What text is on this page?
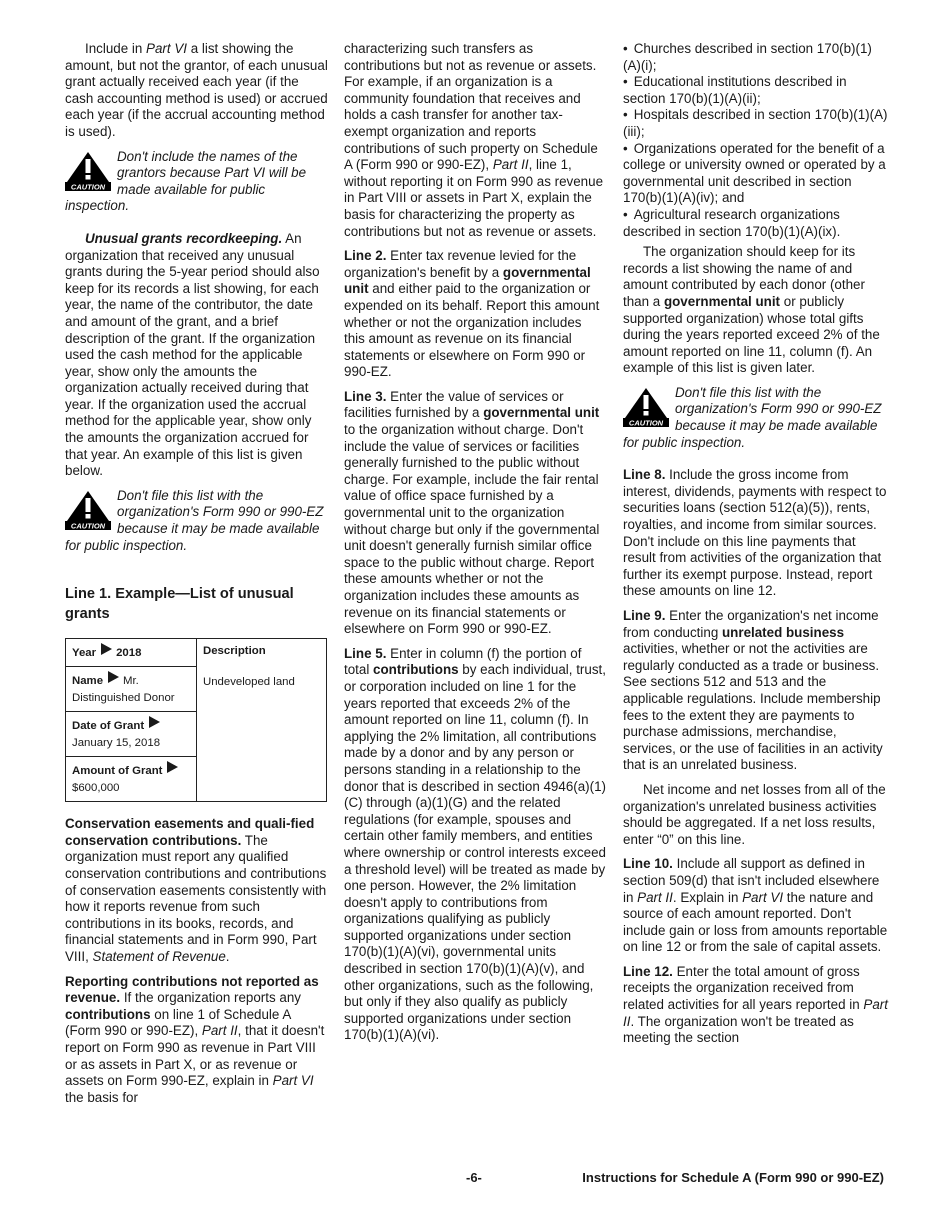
Include in Part VI a list showing the amount, but not the grantor, of each unusual grant actually received each year (if the cash accounting method is used) or accrued each year (if the accrual accounting method is used).

CAUTION
Don't include the names of the grantors because Part VI will be made available for public inspection.

Unusual grants recordkeeping. An organization that received any unusual grants during the 5-year period should also keep for its records a list showing, for each year, the name of the contributor, the date and amount of the grant, and a brief description of the grant. If the organization used the cash method for the applicable year, show only the amounts the organization actually received during that year. If the organization used the accrual method for the applicable year, show only the amounts the organization accrued for that year. An example of this list is given below.

CAUTION
Don't file this list with the organization's Form 990 or 990-EZ because it may be made available for public inspection.
Line 1. Example—List of unusual grants
Year 2018	Description
Undeveloped land

Name Mr.
Distinguished Donor
Date of Grant
January 15, 2018
Amount of Grant
$600,000

Conservation easements and quali-fied conservation contributions. The organization must report any qualified conservation contributions and contributions of conservation easements consistently with how it reports revenue from such contributions in its books, records, and financial statements and in Form 990, Part VIII, Statement of Revenue.

Reporting contributions not reported as revenue. If the organization reports any contributions on line 1 of Schedule A (Form 990 or 990-EZ), Part II, that it doesn't report on Form 990 as revenue in Part VIII or as assets in Part X, or as revenue or assets on Form 990-EZ, explain in Part VI the basis for

characterizing such transfers as contributions but not as revenue or assets. For example, if an organization is a community foundation that receives and holds a cash transfer for another tax-exempt organization and reports contributions of such property on Schedule A (Form 990 or 990-EZ), Part II, line 1, without reporting it on Form 990 as revenue in Part VIII or assets in Part X, explain the basis for characterizing the property as contributions but not as revenue or assets.

Line 2. Enter tax revenue levied for the organization's benefit by a governmental unit and either paid to the organization or expended on its behalf. Report this amount whether or not the organization includes this amount as revenue on its financial statements or elsewhere on Form 990 or 990-EZ.

Line 3. Enter the value of services or facilities furnished by a governmental unit to the organization without charge. Don't include the value of services or facilities generally furnished to the public without charge. For example, include the fair rental value of office space furnished by a governmental unit to the organization without charge but only if the governmental unit doesn't generally furnish similar office space to the public without charge. Report these amounts whether or not the organization includes these amounts as revenue on its financial statements or elsewhere on Form 990 or 990-EZ.

Line 5. Enter in column (f) the portion of total contributions by each individual, trust, or corporation included on line 1 for the years reported that exceeds 2% of the amount reported on line 11, column (f). In applying the 2% limitation, all contributions made by a donor and by any person or persons standing in a relationship to the donor that is described in section 4946(a)(1)(C) through (a)(1)(G) and the related regulations (for example, spouses and certain other family members, and entities where ownership or control interests exceed a threshold level) will be treated as made by one person. However, the 2% limitation doesn't apply to contributions from organizations qualifying as publicly supported organizations under section 170(b)(1)(A)(vi), governmental units described in section 170(b)(1)(A)(v), and other organizations, such as the following, but only if they also qualify as publicly supported organizations under section 170(b)(1)(A)(vi).

• Churches described in section 170(b)(1)(A)(i);
• Educational institutions described in section 170(b)(1)(A)(ii);
• Hospitals described in section 170(b)(1)(A)(iii);
• Organizations operated for the benefit of a college or university owned or operated by a governmental unit described in section 170(b)(1)(A)(iv); and
• Agricultural research organizations described in section 170(b)(1)(A)(ix).

The organization should keep for its records a list showing the name of and amount contributed by each donor (other than a governmental unit or publicly supported organization) whose total gifts during the years reported exceed 2% of the amount reported on line 11, column (f). An example of this list is given later.

CAUTION
Don't file this list with the organization's Form 990 or 990-EZ because it may be made available for public inspection.

Line 8. Include the gross income from interest, dividends, payments with respect to securities loans (section 512(a)(5)), rents, royalties, and income from similar sources. Don't include on this line payments that result from activities of the organization that further its exempt purpose. Instead, report these amounts on line 12.

Line 9. Enter the organization's net income from conducting unrelated business activities, whether or not the activities are regularly conducted as a trade or business. See sections 512 and 513 and the applicable regulations. Include membership fees to the extent they are payments to purchase admissions, merchandise, services, or the use of facilities in an activity that is an unrelated business.

Net income and net losses from all of the organization's unrelated business activities should be aggregated. If a net loss results, enter “0” on this line.

Line 10. Include all support as defined in section 509(d) that isn't included elsewhere in Part II. Explain in Part VI the nature and source of each amount reported. Don't include gain or loss from amounts reportable on line 12 or from the sale of capital assets.

Line 12. Enter the total amount of gross receipts the organization received from related activities for all years reported in Part II. The organization won't be treated as meeting the section

-6-	Instructions for Schedule A (Form 990 or 990-EZ)
